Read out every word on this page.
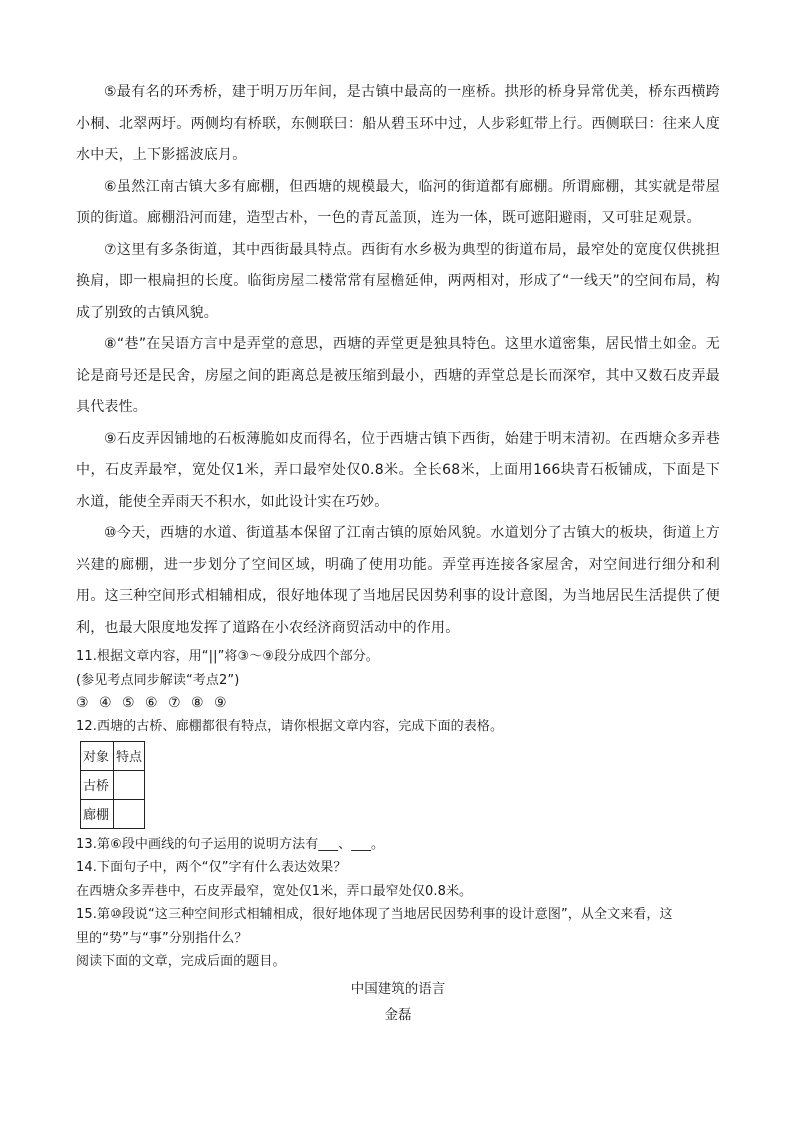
⑤最有名的环秀桥，建于明万历年间，是古镇中最高的一座桥。拱形的桥身异常优美，桥东西横跨小桐、北翠两圩。两侧均有桥联，东侧联曰：船从碧玉环中过，人步彩虹带上行。西侧联曰：往来人度水中天，上下影摇波底月。

⑥虽然江南古镇大多有廊棚，但西塘的规模最大，临河的街道都有廊棚。所谓廊棚，其实就是带屋顶的街道。廊棚沿河而建，造型古朴，一色的青瓦盖顶，连为一体，既可遮阳避雨，又可驻足观景。

⑦这里有多条街道，其中西街最具特点。西街有水乡极为典型的街道布局，最窄处的宽度仅供挑担换肩，即一根扁担的长度。临街房屋二楼常常有屋檐延伸，两两相对，形成了“一线天”的空间布局，构成了别致的古镇风貌。

⑧“巷”在吴语方言中是弄堂的意思，西塘的弄堂更是独具特色。这里水道密集，居民惜土如金。无论是商号还是民舍，房屋之间的距离总是被压缩到最小，西塘的弄堂总是长而深窄，其中又数石皮弄最具代表性。

⑨石皮弄因铺地的石板薄脆如皮而得名，位于西塘古镇下西街，始建于明末清初。在西塘众多弄巷中，石皮弄最窄，宽处仅1米，弄口最窄处仅0.8米。全长68米，上面用166块青石板铺成，下面是下水道，能使全弄雨天不积水，如此设计实在巧妙。

⑩今天，西塘的水道、街道基本保留了江南古镇的原始风貌。水道划分了古镇大的板块，街道上方兴建的廊棚，进一步划分了空间区域，明确了使用功能。弄堂再连接各家屋舍，对空间进行细分和利用。这三种空间形式相辅相成，很好地体现了当地居民因势利事的设计意图，为当地居民生活提供了便利，也最大限度地发挥了道路在小农经济商贸活动中的作用。

11.根据文章内容，用“||”将③～⑨段分成四个部分。

(参见考点同步解读“考点2”)

③ ④ ⑤ ⑥ ⑦ ⑧ ⑨

12.西塘的古桥、廊棚都很有特点，请你根据文章内容，完成下面的表格。

对象	特点
古桥	
廊棚	

13.第⑥段中画线的句子运用的说明方法有___、___。

14.下面句子中，两个“仅”字有什么表达效果？

在西塘众多弄巷中，石皮弄最窄，宽处仅1米，弄口最窄处仅0.8米。

15.第⑩段说“这三种空间形式相辅相成，很好地体现了当地居民因势利事的设计意图”，从全文来看，这

里的“势”与“事”分别指什么？

阅读下面的文章，完成后面的题目。

中国建筑的语言

金磊
